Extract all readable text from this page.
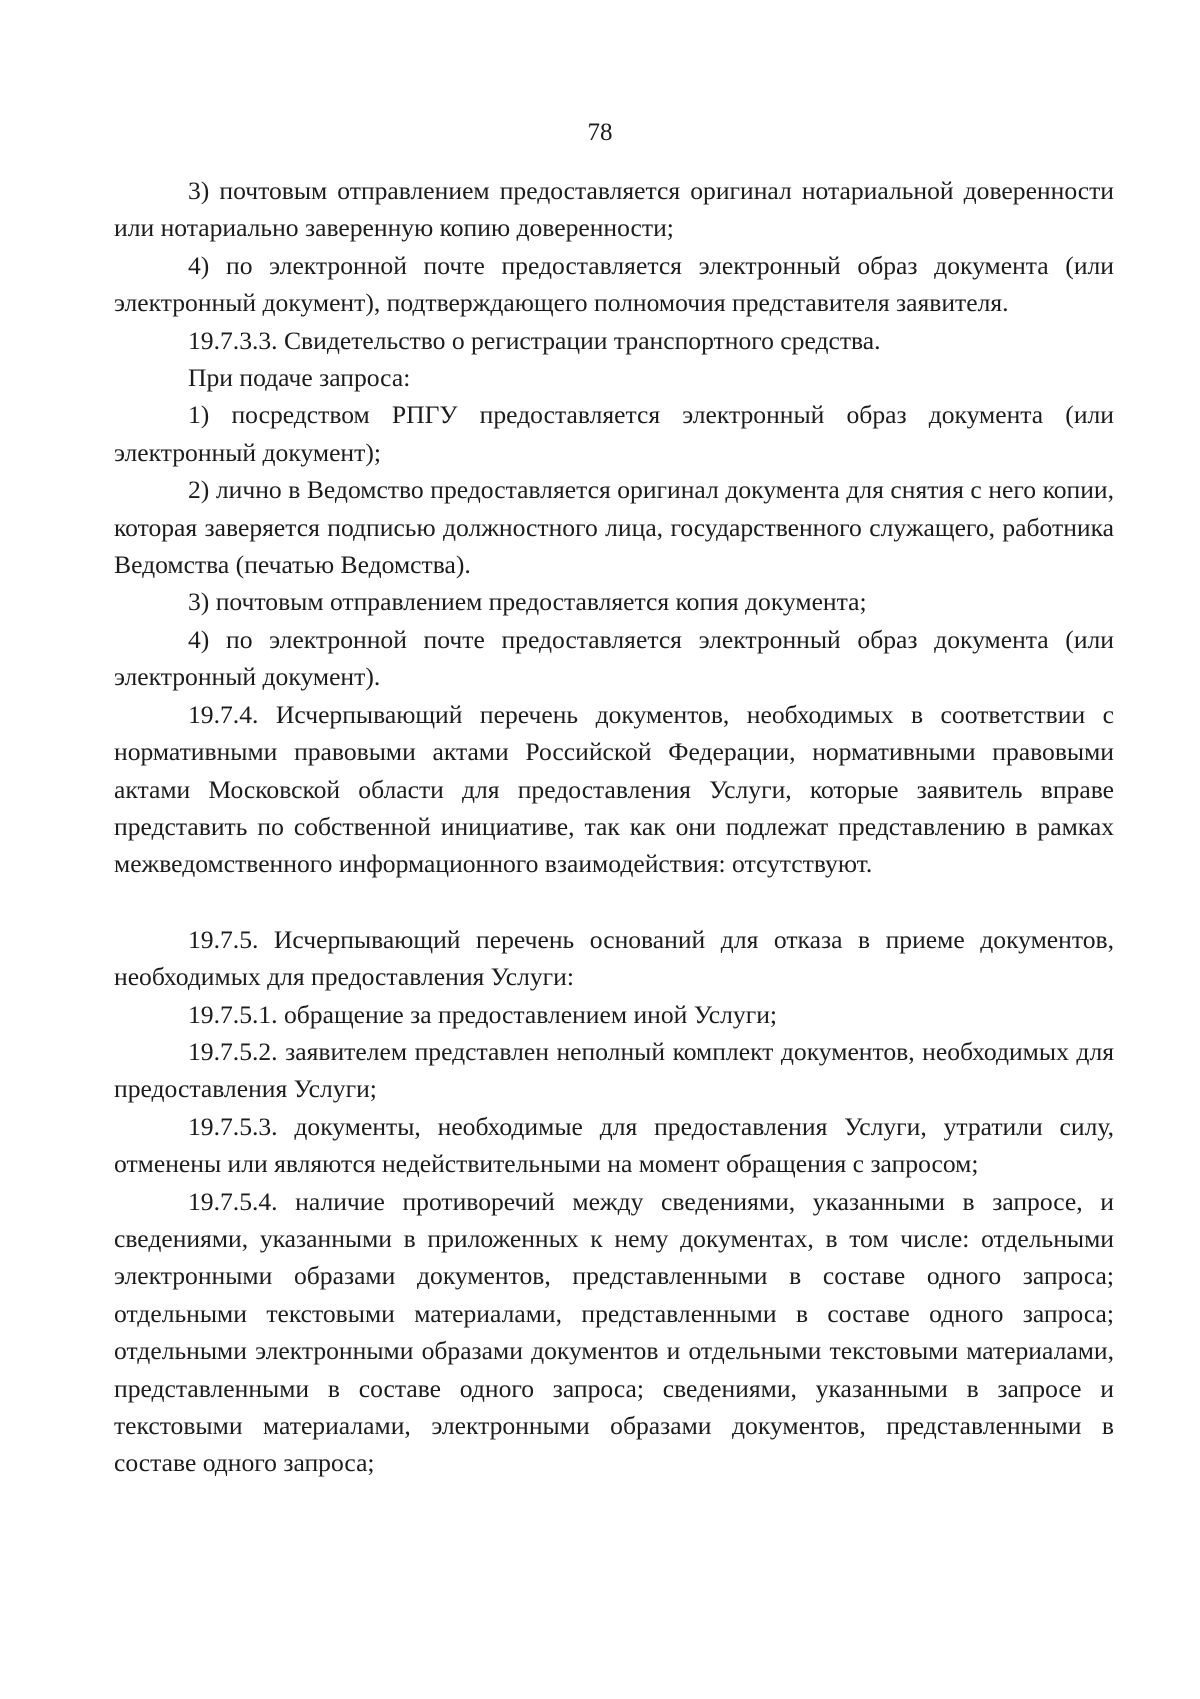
78

3) почтовым отправлением предоставляется оригинал нотариальной доверенности или нотариально заверенную копию доверенности;

4) по электронной почте предоставляется электронный образ документа (или электронный документ), подтверждающего полномочия представителя заявителя.

19.7.3.3. Свидетельство о регистрации транспортного средства.

При подаче запроса:

1) посредством РПГУ предоставляется электронный образ документа (или электронный документ);

2) лично в Ведомство предоставляется оригинал документа для снятия с него копии, которая заверяется подписью должностного лица, государственного служащего, работника Ведомства (печатью Ведомства).

3) почтовым отправлением предоставляется копия документа;

4) по электронной почте предоставляется электронный образ документа (или электронный документ).

19.7.4. Исчерпывающий перечень документов, необходимых в соответствии с нормативными правовыми актами Российской Федерации, нормативными правовыми актами Московской области для предоставления Услуги, которые заявитель вправе представить по собственной инициативе, так как они подлежат представлению в рамках межведомственного информационного взаимодействия: отсутствуют.

19.7.5. Исчерпывающий перечень оснований для отказа в приеме документов, необходимых для предоставления Услуги:

19.7.5.1. обращение за предоставлением иной Услуги;

19.7.5.2. заявителем представлен неполный комплект документов, необходимых для предоставления Услуги;

19.7.5.3. документы, необходимые для предоставления Услуги, утратили силу, отменены или являются недействительными на момент обращения с запросом;

19.7.5.4. наличие противоречий между сведениями, указанными в запросе, и сведениями, указанными в приложенных к нему документах, в том числе: отдельными электронными образами документов, представленными в составе одного запроса; отдельными текстовыми материалами, представленными в составе одного запроса; отдельными электронными образами документов и отдельными текстовыми материалами, представленными в составе одного запроса; сведениями, указанными в запросе и текстовыми материалами, электронными образами документов, представленными в составе одного запроса;
